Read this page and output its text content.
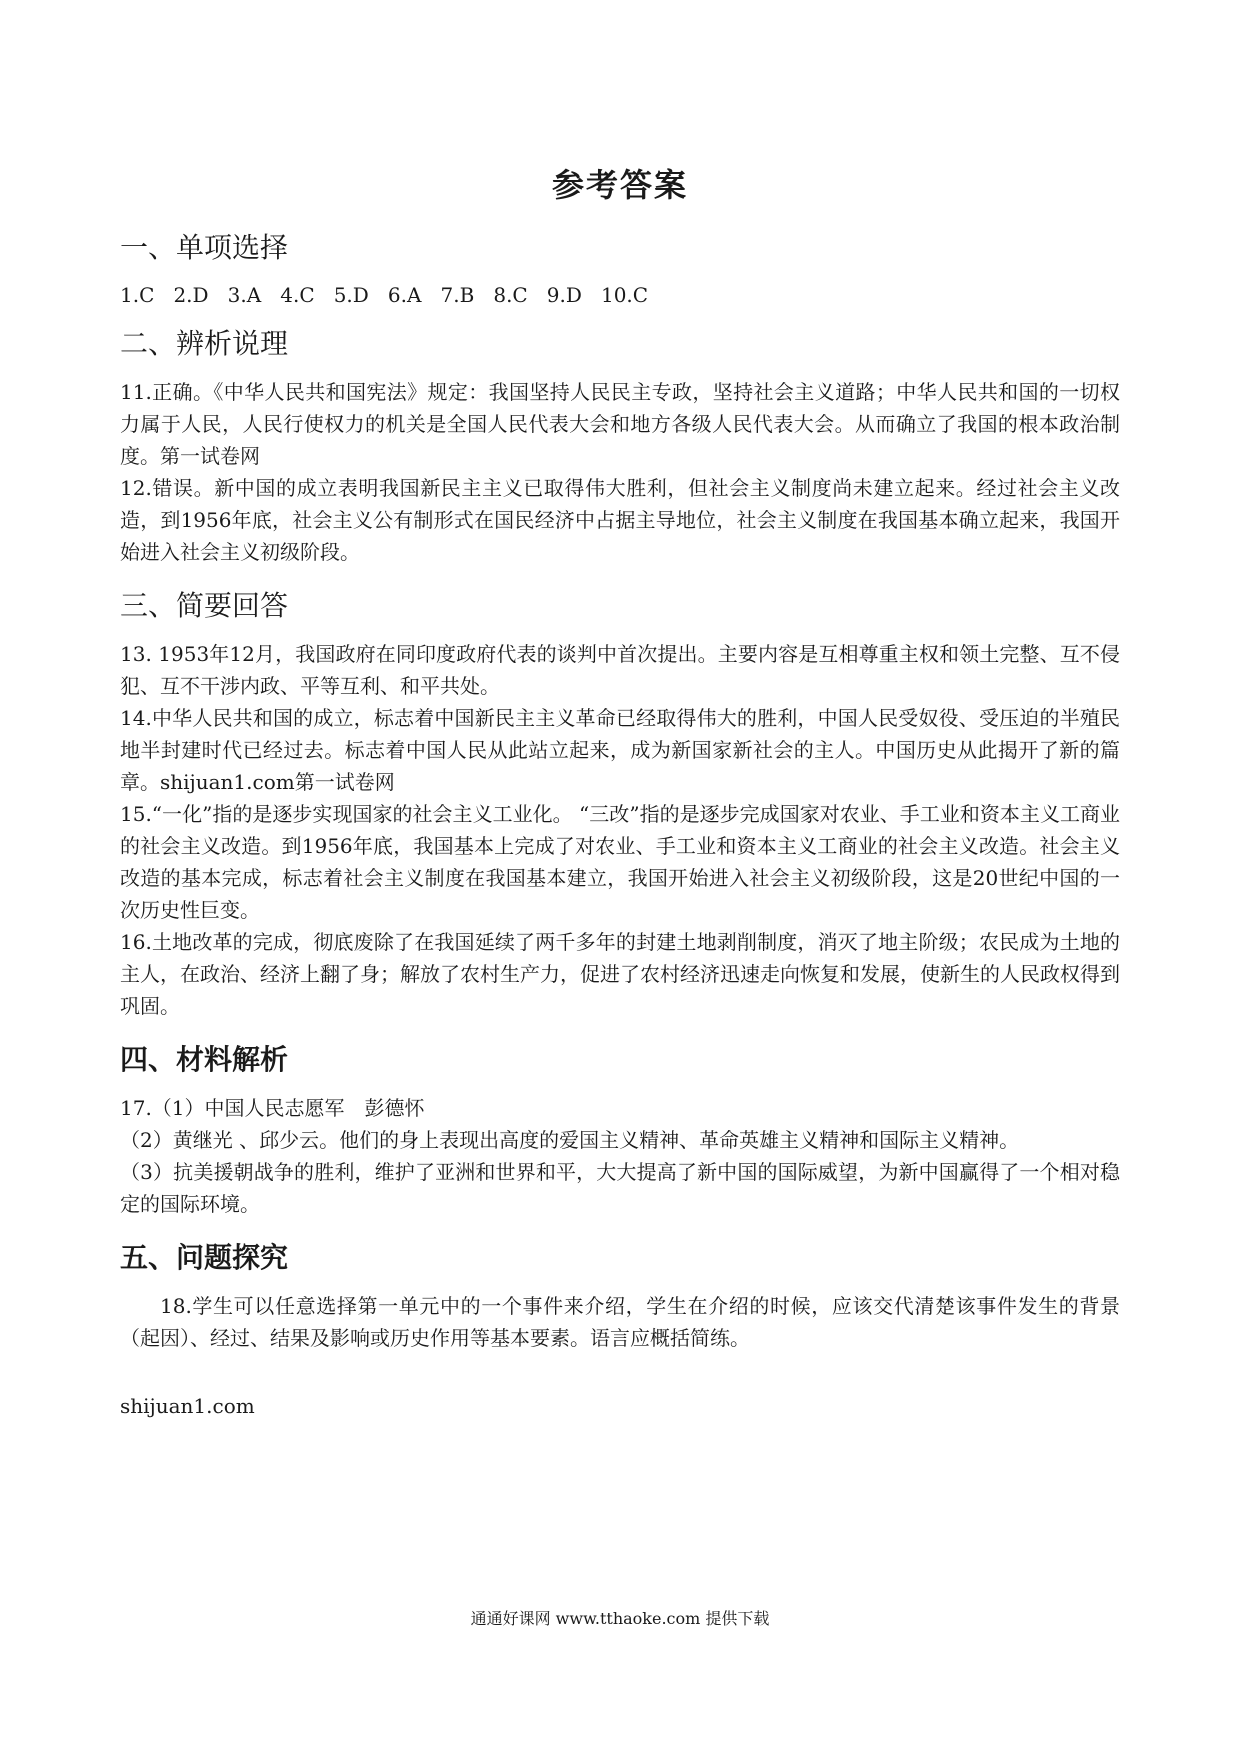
参考答案
一、单项选择
1.C   2.D   3.A   4.C   5.D   6.A   7.B   8.C   9.D   10.C
二、辨析说理

11.正确。《中华人民共和国宪法》规定：我国坚持人民民主专政，坚持社会主义道路；中华人民共和国的一切权力属于人民，人民行使权力的机关是全国人民代表大会和地方各级人民代表大会。从而确立了我国的根本政治制度。第一试卷网

12.错误。新中国的成立表明我国新民主主义已取得伟大胜利，但社会主义制度尚未建立起来。经过社会主义改造，到1956年底，社会主义公有制形式在国民经济中占据主导地位，社会主义制度在我国基本确立起来，我国开始进入社会主义初级阶段。

三、简要回答

13. 1953年12月，我国政府在同印度政府代表的谈判中首次提出。主要内容是互相尊重主权和领土完整、互不侵犯、互不干涉内政、平等互利、和平共处。

14.中华人民共和国的成立，标志着中国新民主主义革命已经取得伟大的胜利，中国人民受奴役、受压迫的半殖民地半封建时代已经过去。标志着中国人民从此站立起来，成为新国家新社会的主人。中国历史从此揭开了新的篇章。shijuan1.com第一试卷网

15.“一化”指的是逐步实现国家的社会主义工业化。 “三改”指的是逐步完成国家对农业、手工业和资本主义工商业的社会主义改造。到1956年底，我国基本上完成了对农业、手工业和资本主义工商业的社会主义改造。社会主义改造的基本完成，标志着社会主义制度在我国基本建立，我国开始进入社会主义初级阶段，这是20世纪中国的一次历史性巨变。

16.土地改革的完成，彻底废除了在我国延续了两千多年的封建土地剥削制度，消灭了地主阶级；农民成为土地的主人，在政治、经济上翻了身；解放了农村生产力，促进了农村经济迅速走向恢复和发展，使新生的人民政权得到巩固。

四、材料解析

17.（1）中国人民志愿军　彭德怀

（2）黄继光 、邱少云。他们的身上表现出高度的爱国主义精神、革命英雄主义精神和国际主义精神。

（3）抗美援朝战争的胜利，维护了亚洲和世界和平，大大提高了新中国的国际威望，为新中国赢得了一个相对稳定的国际环境。

五、问题探究

18.学生可以任意选择第一单元中的一个事件来介绍，学生在介绍的时候，应该交代清楚该事件发生的背景（起因）、经过、结果及影响或历史作用等基本要素。语言应概括简练。

shijuan1.com

通通好课网 www.tthaoke.com 提供下载
